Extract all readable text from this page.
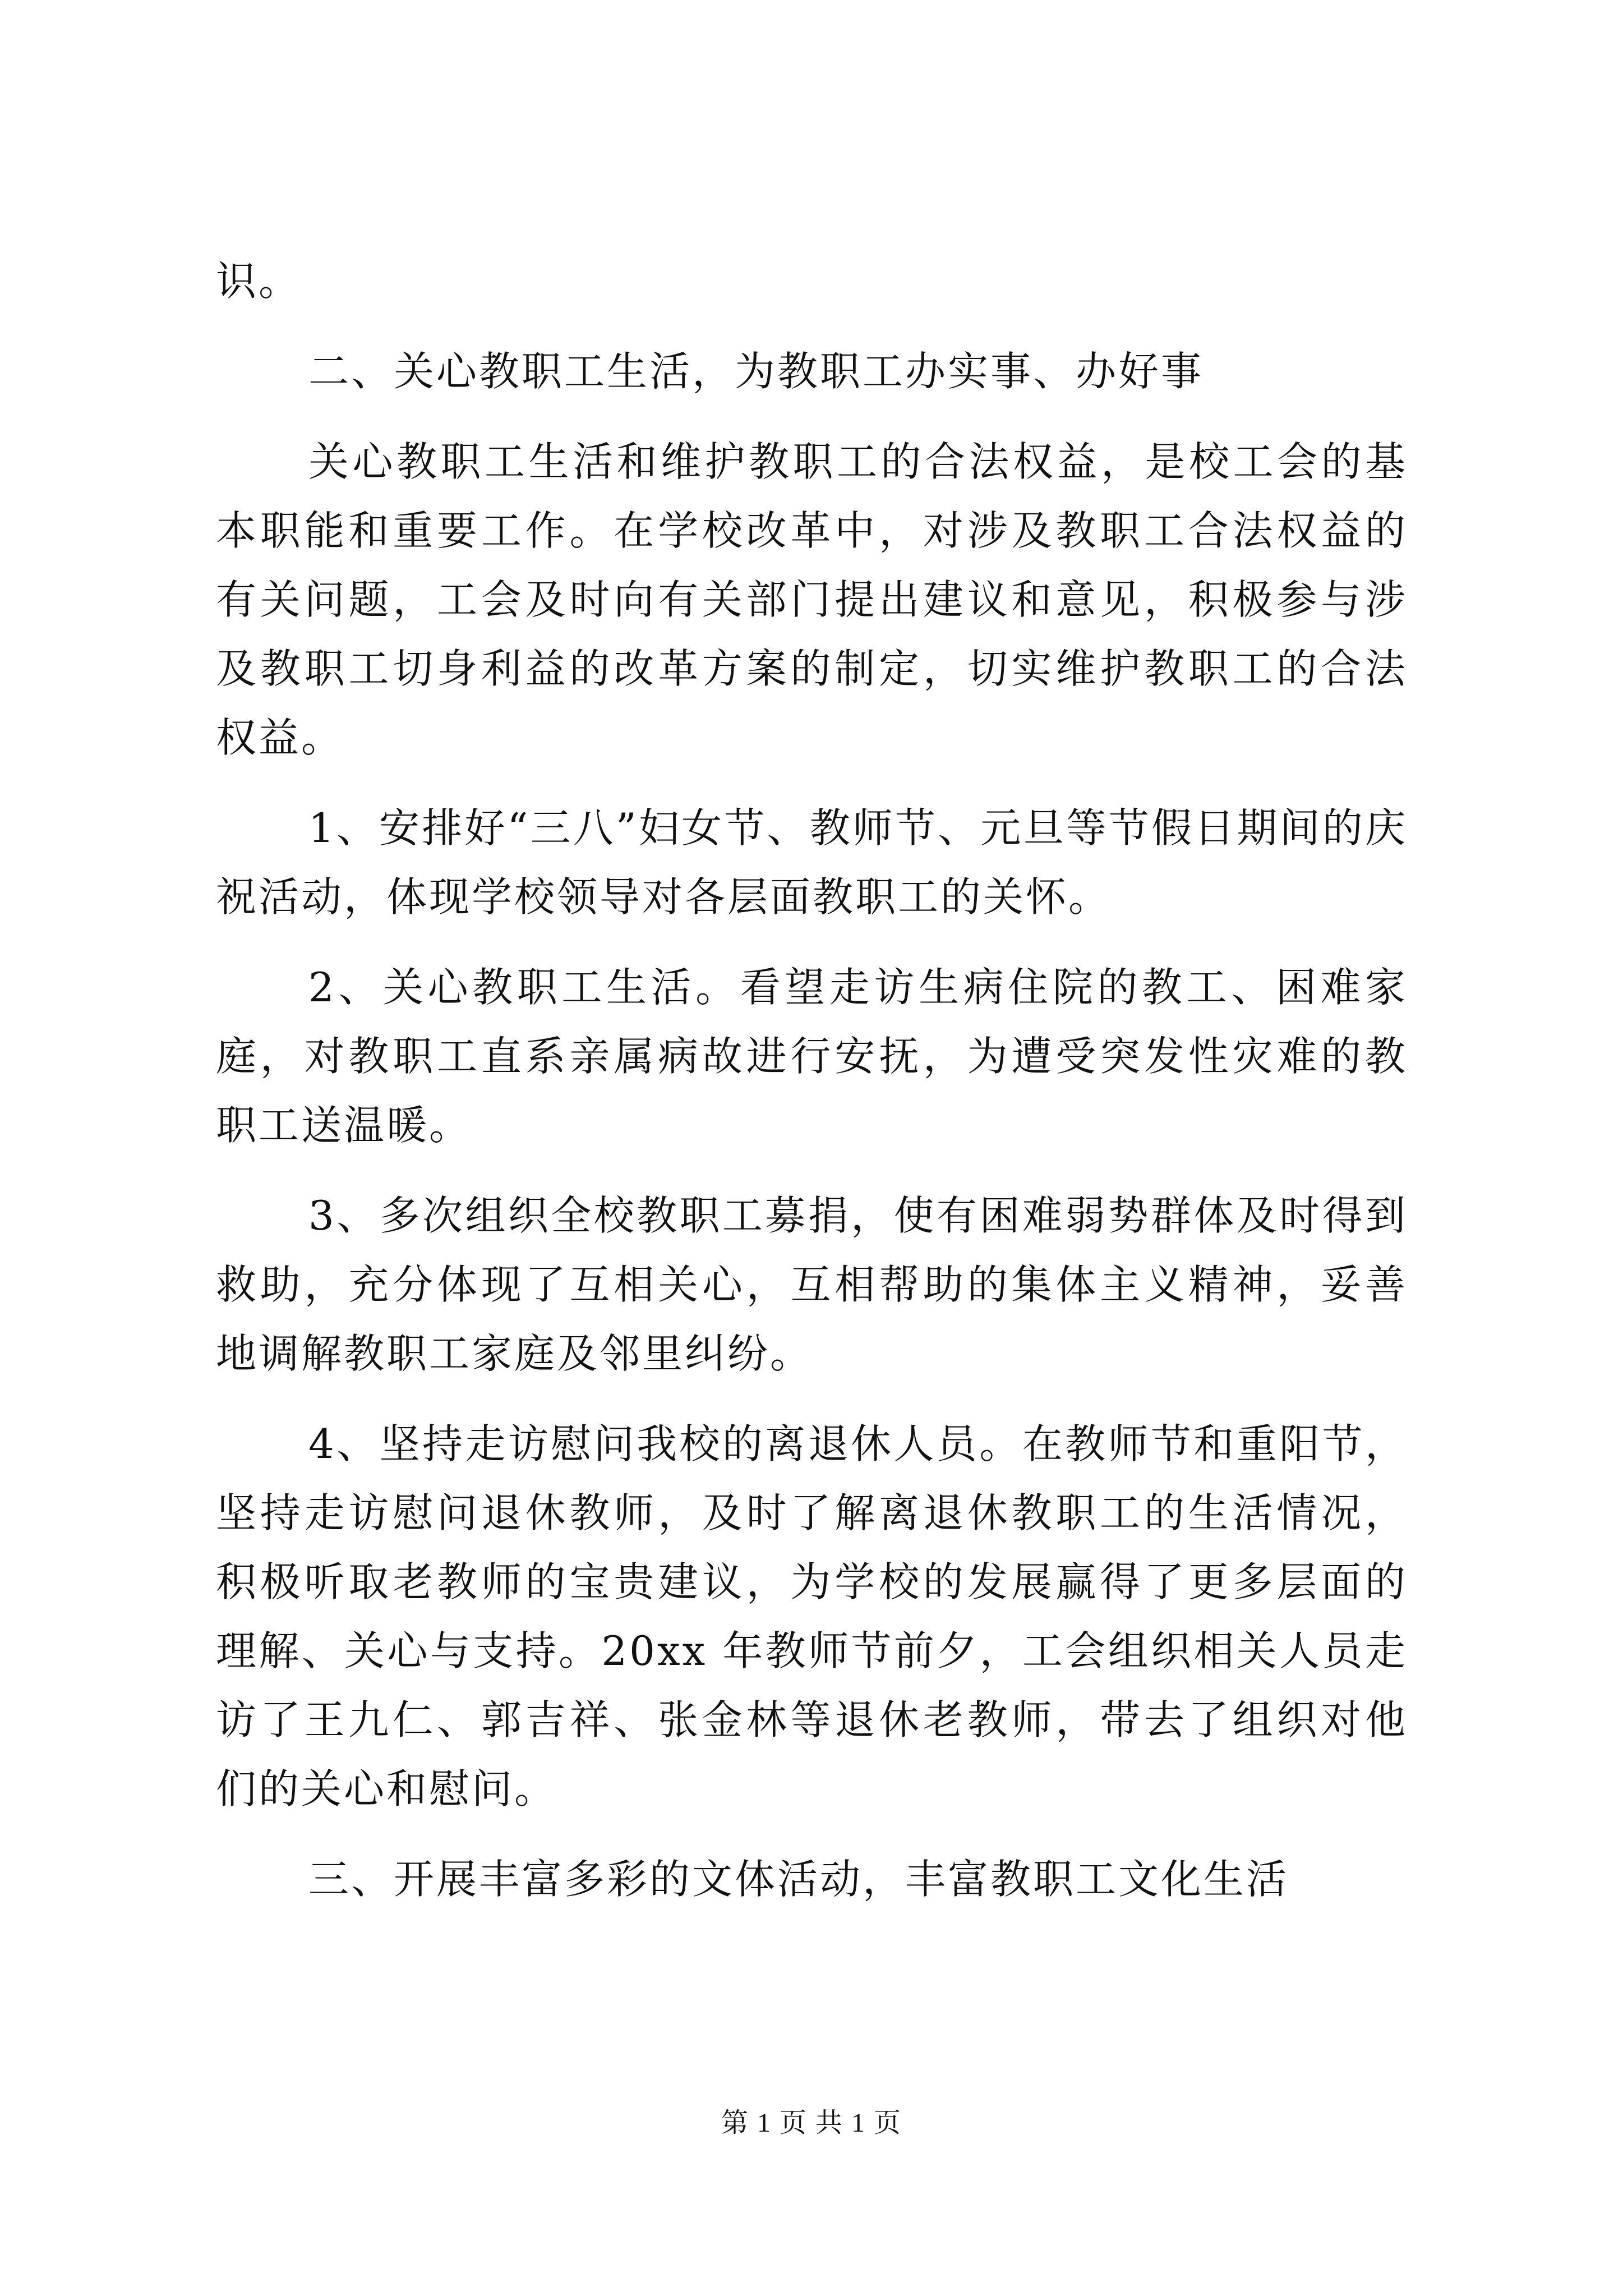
识。

二、关心教职工生活，为教职工办实事、办好事

关心教职工生活和维护教职工的合法权益，是校工会的基本职能和重要工作。在学校改革中，对涉及教职工合法权益的有关问题，工会及时向有关部门提出建议和意见，积极参与涉及教职工切身利益的改革方案的制定，切实维护教职工的合法权益。

1、安排好“三八”妇女节、教师节、元旦等节假日期间的庆祝活动，体现学校领导对各层面教职工的关怀。

2、关心教职工生活。看望走访生病住院的教工、困难家庭，对教职工直系亲属病故进行安抚，为遭受突发性灾难的教职工送温暖。

3、多次组织全校教职工募捐，使有困难弱势群体及时得到救助，充分体现了互相关心，互相帮助的集体主义精神，妥善地调解教职工家庭及邻里纠纷。

4、坚持走访慰问我校的离退休人员。在教师节和重阳节，坚持走访慰问退休教师，及时了解离退休教职工的生活情况，积极听取老教师的宝贵建议，为学校的发展赢得了更多层面的理解、关心与支持。20xx 年教师节前夕，工会组织相关人员走访了王九仁、郭吉祥、张金林等退休老教师，带去了组织对他们的关心和慰问。

三、开展丰富多彩的文体活动，丰富教职工文化生活

第 1 页 共 1 页
